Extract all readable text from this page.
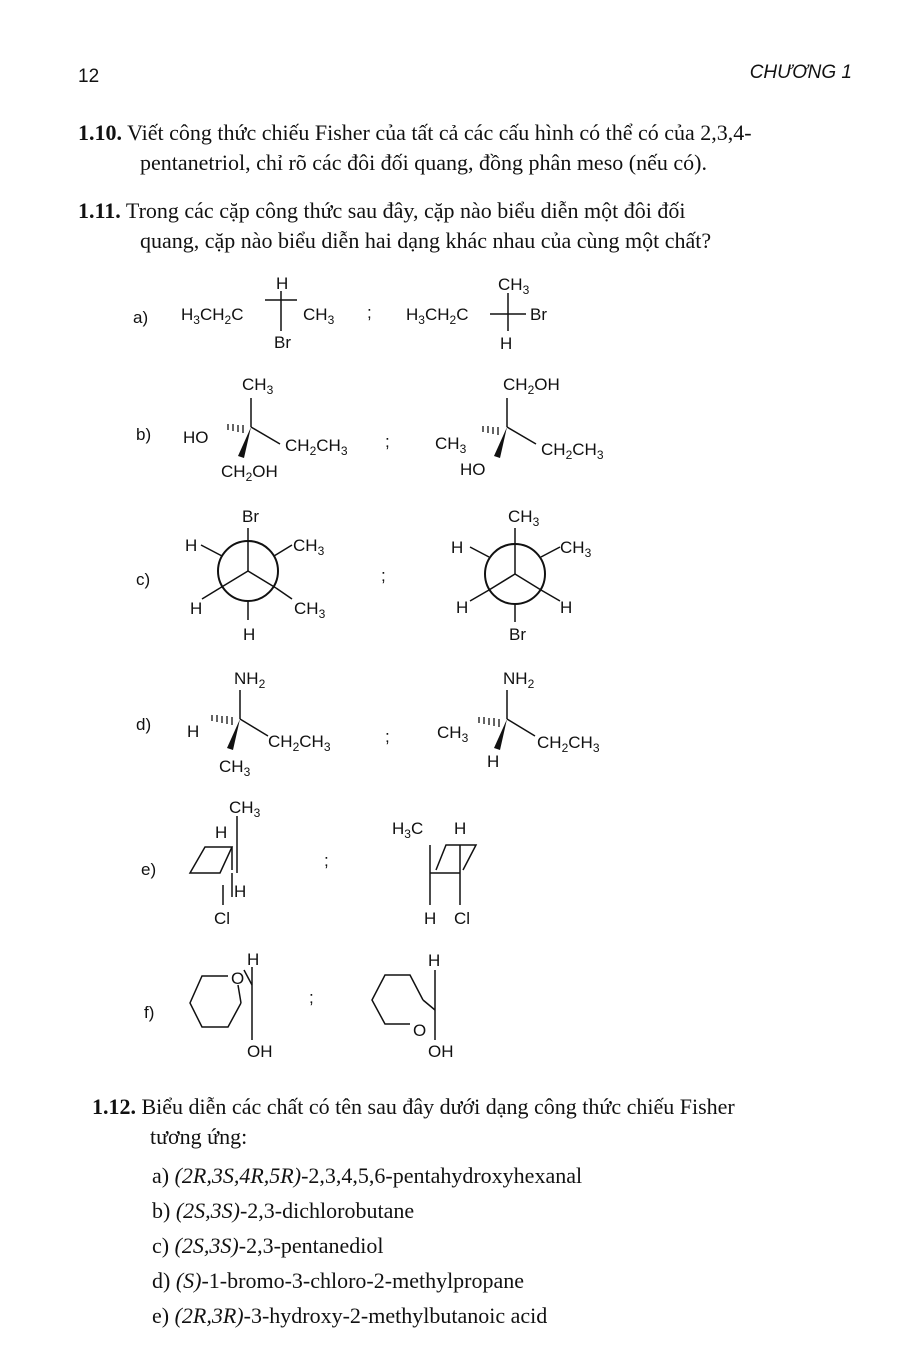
12	CHƯƠNG 1
1.10. Viết công thức chiếu Fisher của tất cả các cấu hình có thể có của 2,3,4-
pentanetriol, chỉ rõ các đôi đối quang, đồng phân meso (nếu có).
1.11. Trong các cặp công thức sau đây, cặp nào biểu diễn một đôi đối
quang, cặp nào biểu diễn hai dạng khác nhau của cùng một chất?
a)
b)
c)
d)
e)
f)
;
;
;
;
;
;
$H_3CH_2C$
H
$CH_3$
Br
$H_3CH_2C$
$CH_3$
Br
H
$CH_3$
HO	$CH_2CH_3$
$CH_2OH$
$CH_2OH$
$CH_3$	$CH_2CH_3$
HO
Br
H	$CH_3$
H	$CH_3$
H
$CH_3$
H	$CH_3$
H	H
Br
$NH_2$
H
$CH_2CH_3$
$CH_3$
$NH_2$
$CH_3$	$CH_2CH_3$
H
$CH_3$
H
H
Cl
$H_3C$ H
H Cl
H
O
OH
H
O
OH
1.12. Biểu diễn các chất có tên sau đây dưới dạng công thức chiếu Fisher
tương ứng:
a) (2R,3S,4R,5R)-2,3,4,5,6-pentahydroxyhexanal
b) (2S,3S)-2,3-dichlorobutane
c) (2S,3S)-2,3-pentanediol
d) (S)-1-bromo-3-chloro-2-methylpropane
e) (2R,3R)-3-hydroxy-2-methylbutanoic acid
